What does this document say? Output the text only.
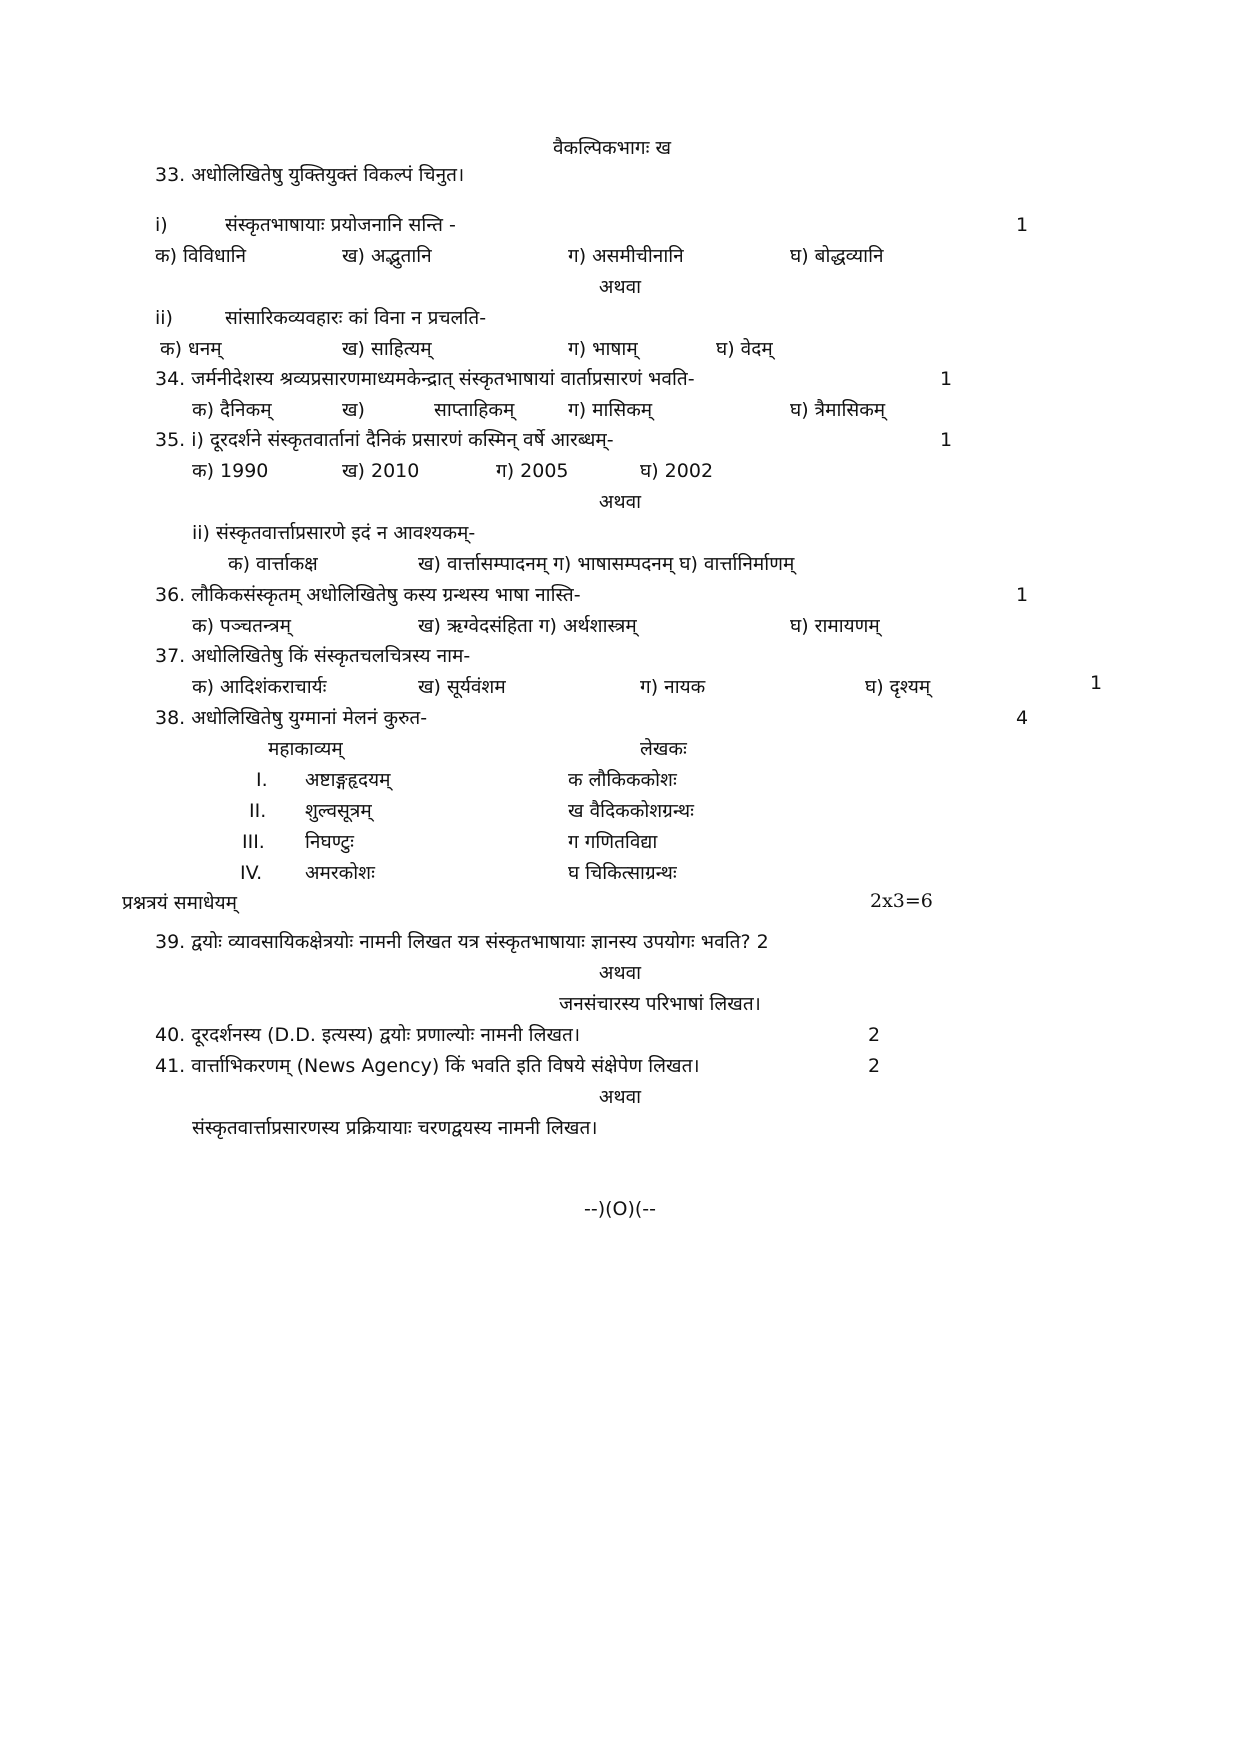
वैकल्पिकभागः ख
33. अधोलिखितेषु युक्तियुक्तं विकल्पं चिनुत।
i)	संस्कृतभाषायाः प्रयोजनानि सन्ति -	1
क) विविधानि	ख) अद्भुतानि	ग) असमीचीनानि	घ) बोद्धव्यानि
अथवा
ii)	सांसारिकव्यवहारः कां विना न प्रचलति-
क) धनम्	ख) साहित्यम्	ग) भाषाम्	घ) वेदम्
34. जर्मनीदेशस्य श्रव्यप्रसारणमाध्यमकेन्द्रात् संस्कृतभाषायां वार्ताप्रसारणं भवति-	1
क) दैनिकम्	ख)	साप्ताहिकम्	ग) मासिकम्	घ) त्रैमासिकम्
35. i) दूरदर्शने संस्कृतवार्तानां दैनिकं प्रसारणं कस्मिन् वर्षे आरब्धम्-	1
क) 1990	ख) 2010	ग) 2005	घ) 2002
अथवा
ii) संस्कृतवार्त्ताप्रसारणे इदं न आवश्यकम्-
क) वार्त्ताकक्ष	ख) वार्त्तासम्पादनम् ग) भाषासम्पदनम् घ) वार्त्तानिर्माणम्
36. लौकिकसंस्कृतम् अधोलिखितेषु कस्य ग्रन्थस्य भाषा नास्ति-	1
क) पञ्चतन्त्रम्	ख) ऋग्वेदसंहिता ग) अर्थशास्त्रम्	घ) रामायणम्
37. अधोलिखितेषु किं संस्कृतचलचित्रस्य नाम-
क) आदिशंकराचार्यः	ख) सूर्यवंशम	ग) नायक	घ) दृश्यम्	1
38. अधोलिखितेषु युग्मानां मेलनं कुरुत-	4
महाकाव्यम्	लेखकः
I. अष्टाङ्गहृदयम्	क लौकिककोशः
II. शुल्वसूत्रम्	ख वैदिककोशग्रन्थः
III. निघण्टुः	ग गणितविद्या
IV. अमरकोशः	घ चिकित्साग्रन्थः
प्रश्नत्रयं समाधेयम्	2x3=6
39. द्वयोः व्यावसायिकक्षेत्रयोः नामनी लिखत यत्र संस्कृतभाषायाः ज्ञानस्य उपयोगः भवति? 2
अथवा
जनसंचारस्य परिभाषां लिखत।
40. दूरदर्शनस्य (D.D. इत्यस्य) द्वयोः प्रणाल्योः नामनी लिखत।	2
41. वार्त्ताभिकरणम् (News Agency) किं भवति इति विषये संक्षेपेण लिखत।	2
अथवा
संस्कृतवार्त्ताप्रसारणस्य प्रक्रियायाः चरणद्वयस्य नामनी लिखत।
--)(O)(--
